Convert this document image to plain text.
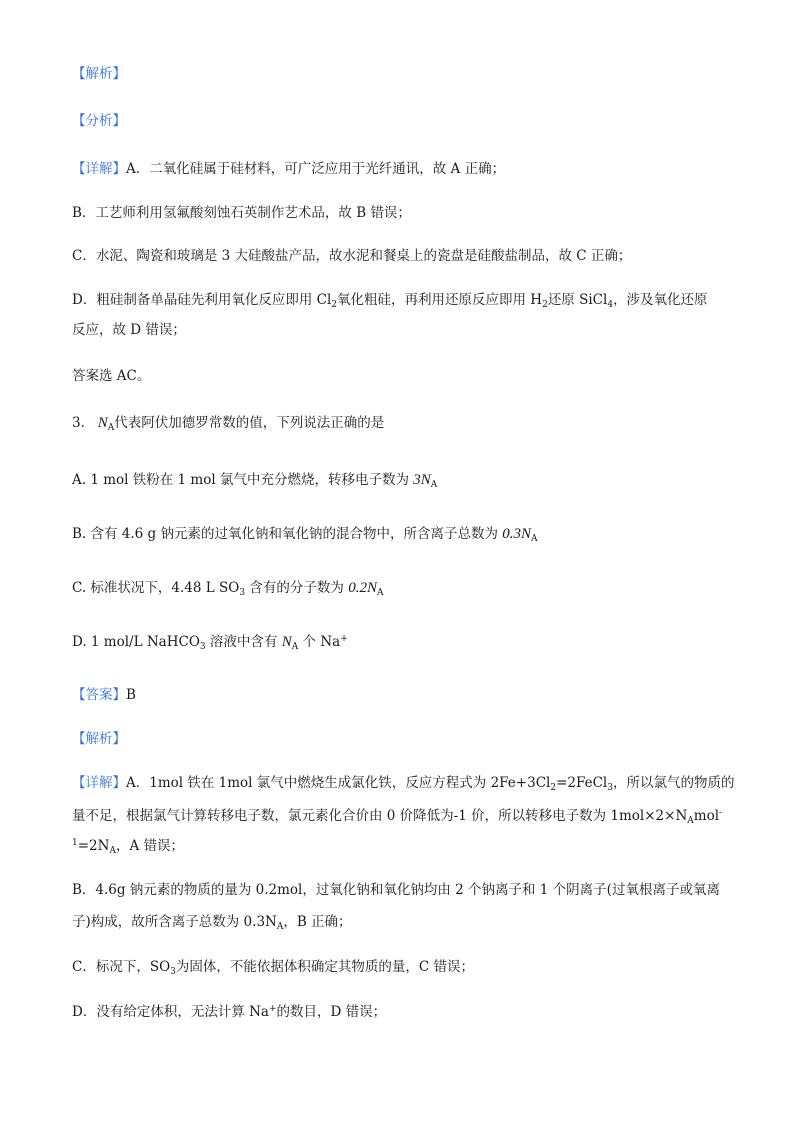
【解析】
【分析】
【详解】A．二氧化硅属于硅材料，可广泛应用于光纤通讯，故 A 正确；
B．工艺师利用氢氟酸刻蚀石英制作艺术品，故 B 错误；
C．水泥、陶瓷和玻璃是 3 大硅酸盐产品，故水泥和餐桌上的瓷盘是硅酸盐制品，故 C 正确；
D．粗硅制备单晶硅先利用氧化反应即用 $Cl_2$氧化粗硅，再利用还原反应即用 $H_2$还原 SiCl$_4$，涉及氧化还原
反应，故 D 错误；
答案选 AC。
3. $N_A$代表阿伏加德罗常数的值，下列说法正确的是
A. 1 mol 铁粉在 1 mol 氯气中充分燃烧，转移电子数为 $3N_A$
B. 含有 4.6 g 钠元素的过氧化钠和氧化钠的混合物中，所含离子总数为 $0.3N_A$
C. 标准状况下，4.48 L $SO_3$ 含有的分子数为 $0.2N_A$
D. 1 mol/L NaHCO$_3$ 溶液中含有 $N_A$ 个 Na+
【答案】B
【解析】
【详解】A．1mol 铁在 1mol 氯气中燃烧生成氯化铁，反应方程式为 $2Fe+3Cl_2=2FeCl_3$，所以氯气的物质的
量不足，根据氯气计算转移电子数，氯元素化合价由 0 价降低为-1 价，所以转移电子数为 $1mol\times 2\times N_Amol^-$
$^1=2N_A$，A 错误；
B．4.6g 钠元素的物质的量为 0.2mol，过氧化钠和氧化钠均由 2 个钠离子和 1 个阴离子(过氧根离子或氧离
子)构成，故所含离子总数为 $0.3N_A$，B 正确；
C．标况下，$SO_3$为固体，不能依据体积确定其物质的量，C 错误；
D．没有给定体积，无法计算 Na+的数目，D 错误；
